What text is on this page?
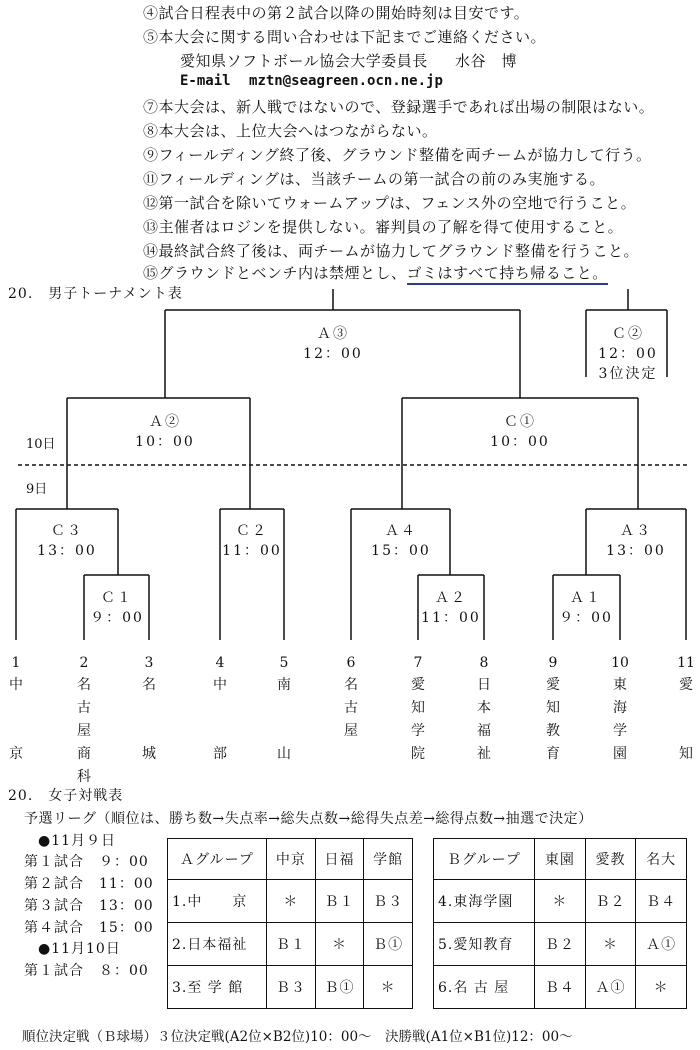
④試合日程表中の第２試合以降の開始時刻は目安です。
⑤本大会に関する問い合わせは下記までご連絡ください。
愛知県ソフトボール協会大学委員長 水谷　博
E-mail mztn@seagreen.ocn.ne.jp
⑦本大会は、新人戦ではないので、登録選手であれば出場の制限はない。
⑧本大会は、上位大会へはつながらない。
⑨フィールディング終了後、グラウンド整備を両チームが協力して行う。
⑪フィールディングは、当該チームの第一試合の前のみ実施する。
⑫第一試合を除いてウォームアップは、フェンス外の空地で行うこと。
⑬主催者はロジンを提供しない。審判員の了解を得て使用すること。
⑭最終試合終了後は、両チームが協力してグラウンド整備を行うこと。
⑮グラウンドとベンチ内は禁煙とし、ゴミはすべて持ち帰ること。
20.　男子トーナメント表
10日
9日
Ａ③
12：00
Ｃ②
12：00
3位決定
Ａ②
10：00
Ｃ①
10：00
Ｃ３
13：00
Ｃ１
９：00
Ｃ２
11：00
Ａ４
15：00
Ａ２
11：00
Ａ３
13：00
Ａ１
９：00
1
中
京
2
名
古
屋
商
科
3
名
城
4
中
部
5
南
山
6
名
古
屋
7
愛
知
学
院
8
日
本
福
祉
9
愛
知
教
育
10
東
海
学
園
11
愛
知
20.　女子対戦表
予選リーグ（順位は、勝ち数→失点率→総失点数→総得失点差→総得点数→抽選で決定）
●11月９日
第１試合　９：00
第２試合　11：00
第３試合　13：00
第４試合　15：00
●11月10日
第１試合　８：00
Ａグループ	中京	日福	学館
1.中　　京	＊	Ｂ１	Ｂ３
2.日本福祉	Ｂ１	＊	Ｂ①
3.至 学 館	Ｂ３	Ｂ①	＊
Ｂグループ	東園	愛教	名大
4.東海学園	＊	Ｂ２	Ｂ４
5.愛知教育	Ｂ２	＊	Ａ①
6.名 古 屋	Ｂ４	Ａ①	＊
順位決定戦（Ｂ球場）３位決定戦(A2位×B2位)10：00～　決勝戦(A1位×B1位)12：00～
